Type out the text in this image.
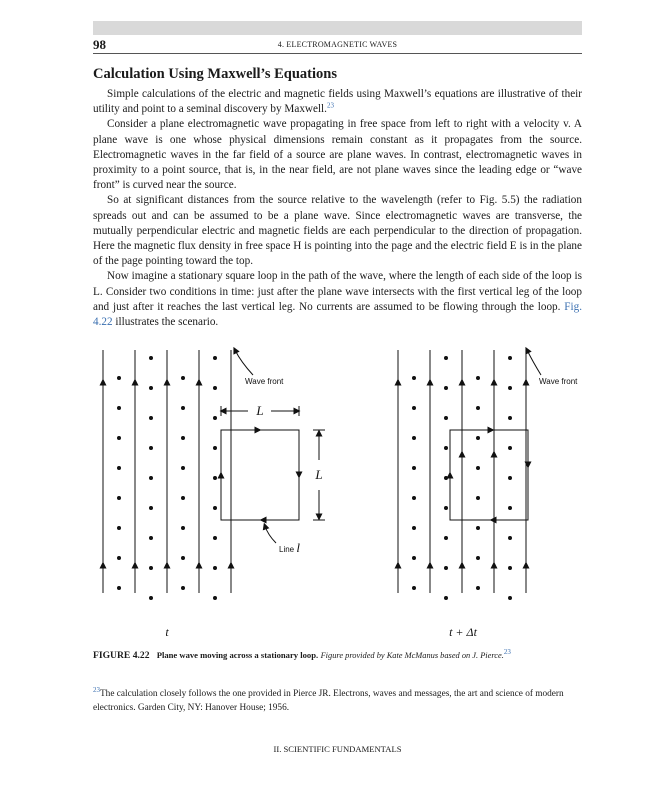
98	4. ELECTROMAGNETIC WAVES
Calculation Using Maxwell’s Equations

Simple calculations of the electric and magnetic fields using Maxwell’s equations are illustrative of their utility and point to a seminal discovery by Maxwell.$^{23}$

Consider a plane electromagnetic wave propagating in free space from left to right with a velocity v. A plane wave is one whose physical dimensions remain constant as it propagates from the source. Electromagnetic waves in the far field of a source are plane waves. In contrast, electromagnetic waves in proximity to a point source, that is, in the near field, are not plane waves since the leading edge or “wave front” is curved near the source.

So at significant distances from the source relative to the wavelength (refer to Fig. 5.5) the radiation spreads out and can be assumed to be a plane wave. Since electromagnetic waves are transverse, the mutually perpendicular electric and magnetic fields are each perpendicular to the direction of propagation. Here the magnetic flux density in free space H is pointing into the page and the electric field E is in the plane of the page pointing toward the top.

Now imagine a stationary square loop in the path of the wave, where the length of each side of the loop is L. Consider two conditions in time: just after the plane wave intersects with the first vertical leg of the loop and just after it reaches the last vertical leg. No currents are assumed to be flowing through the loop. Fig. 4.22 illustrates the scenario.

L
L
Wave front
Line l
t
Wave front
t + Δt
FIGURE 4.22 Plane wave moving across a stationary loop. Figure provided by Kate McManus based on J. Pierce.$^{23}$
$^{23}$The calculation closely follows the one provided in Pierce JR. Electrons, waves and messages, the art and science of modern electronics. Garden City, NY: Hanover House; 1956.
II. SCIENTIFIC FUNDAMENTALS
